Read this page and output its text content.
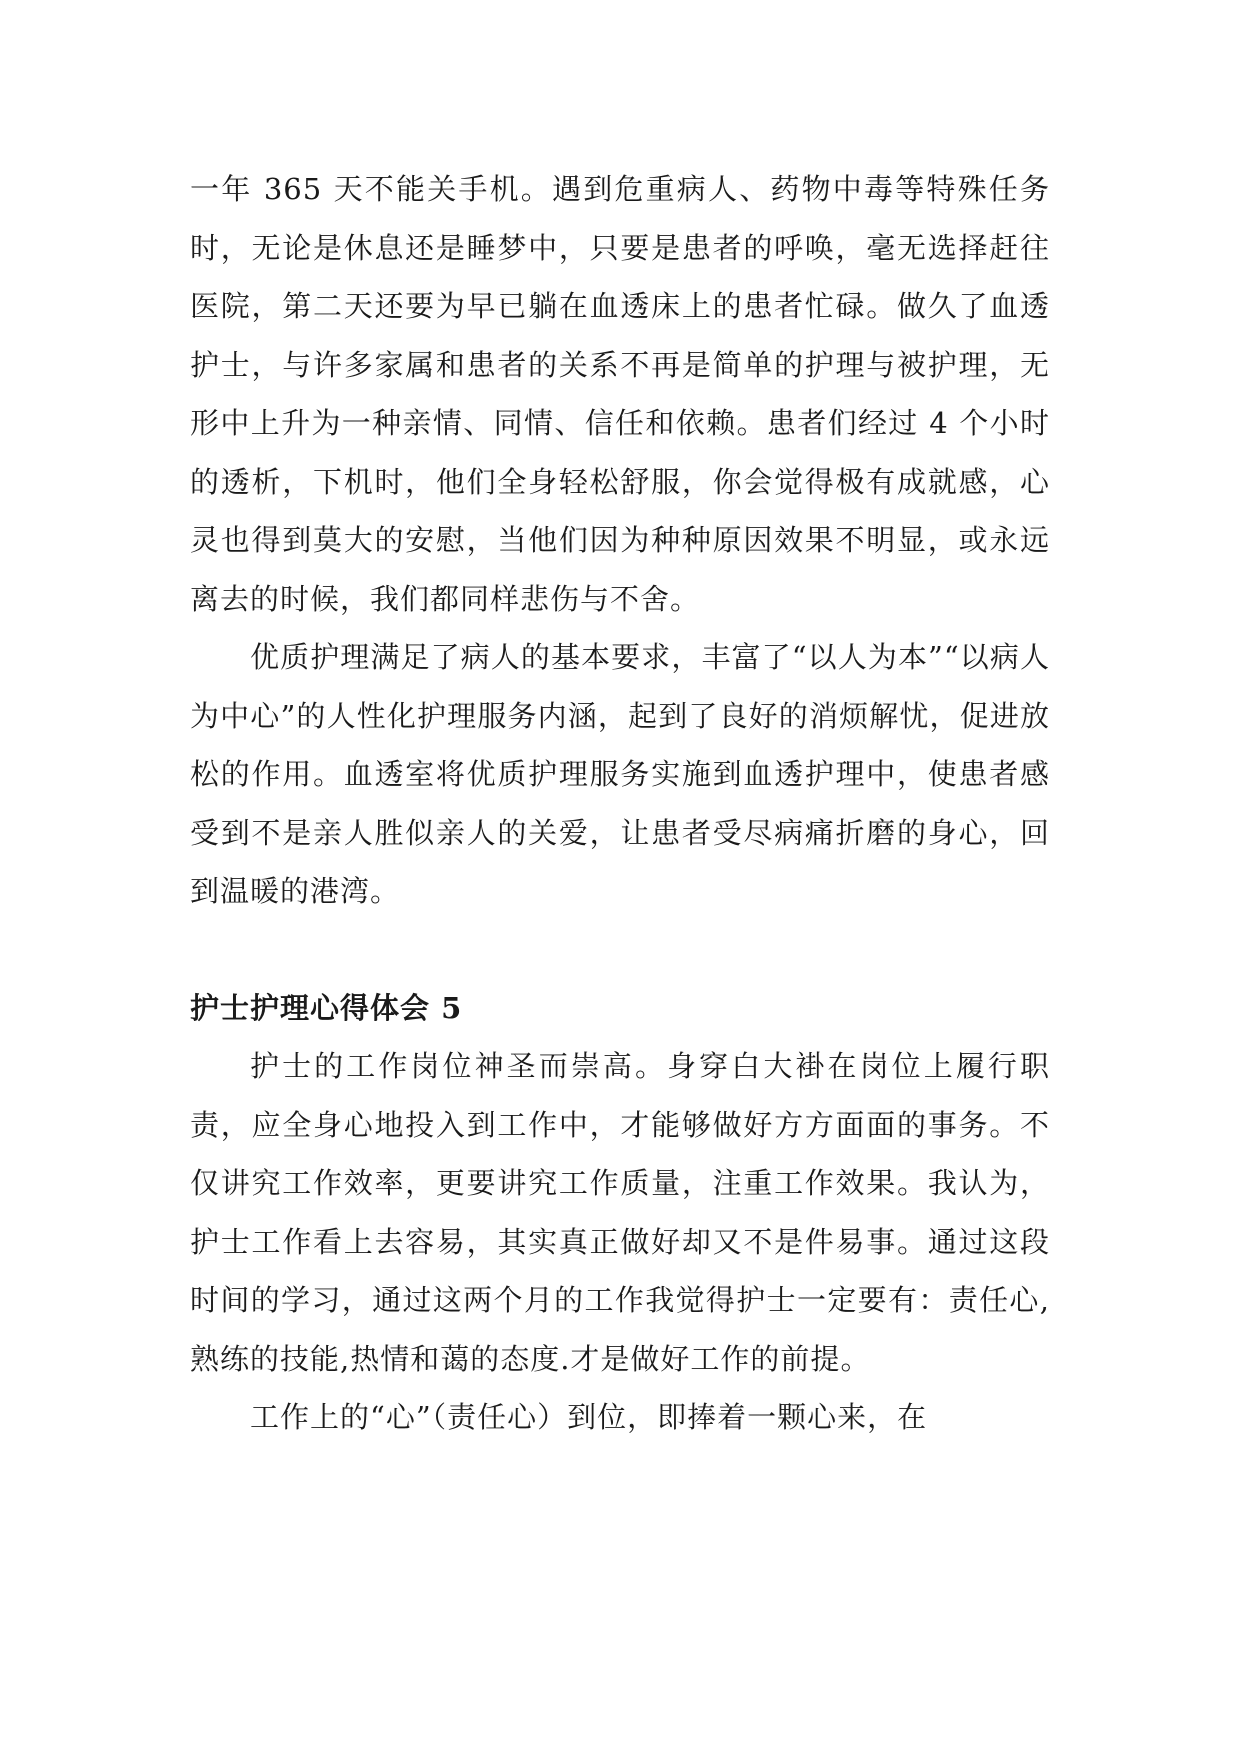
一年 365 天不能关手机。遇到危重病人、药物中毒等特殊任务时，无论是休息还是睡梦中，只要是患者的呼唤，毫无选择赶往医院，第二天还要为早已躺在血透床上的患者忙碌。做久了血透护士，与许多家属和患者的关系不再是简单的护理与被护理，无形中上升为一种亲情、同情、信任和依赖。患者们经过 4 个小时的透析，下机时，他们全身轻松舒服，你会觉得极有成就感，心灵也得到莫大的安慰，当他们因为种种原因效果不明显，或永远离去的时候，我们都同样悲伤与不舍。

优质护理满足了病人的基本要求，丰富了“以人为本”“以病人为中心”的人性化护理服务内涵，起到了良好的消烦解忧，促进放松的作用。血透室将优质护理服务实施到血透护理中，使患者感受到不是亲人胜似亲人的关爱，让患者受尽病痛折磨的身心，回到温暖的港湾。

护士护理心得体会 5

护士的工作岗位神圣而崇高。身穿白大褂在岗位上履行职责，应全身心地投入到工作中，才能够做好方方面面的事务。不仅讲究工作效率，更要讲究工作质量，注重工作效果。我认为，护士工作看上去容易，其实真正做好却又不是件易事。通过这段时间的学习，通过这两个月的工作我觉得护士一定要有：责任心,熟练的技能,热情和蔼的态度.才是做好工作的前提。

工作上的“心”（责任心）到位，即捧着一颗心来，在
